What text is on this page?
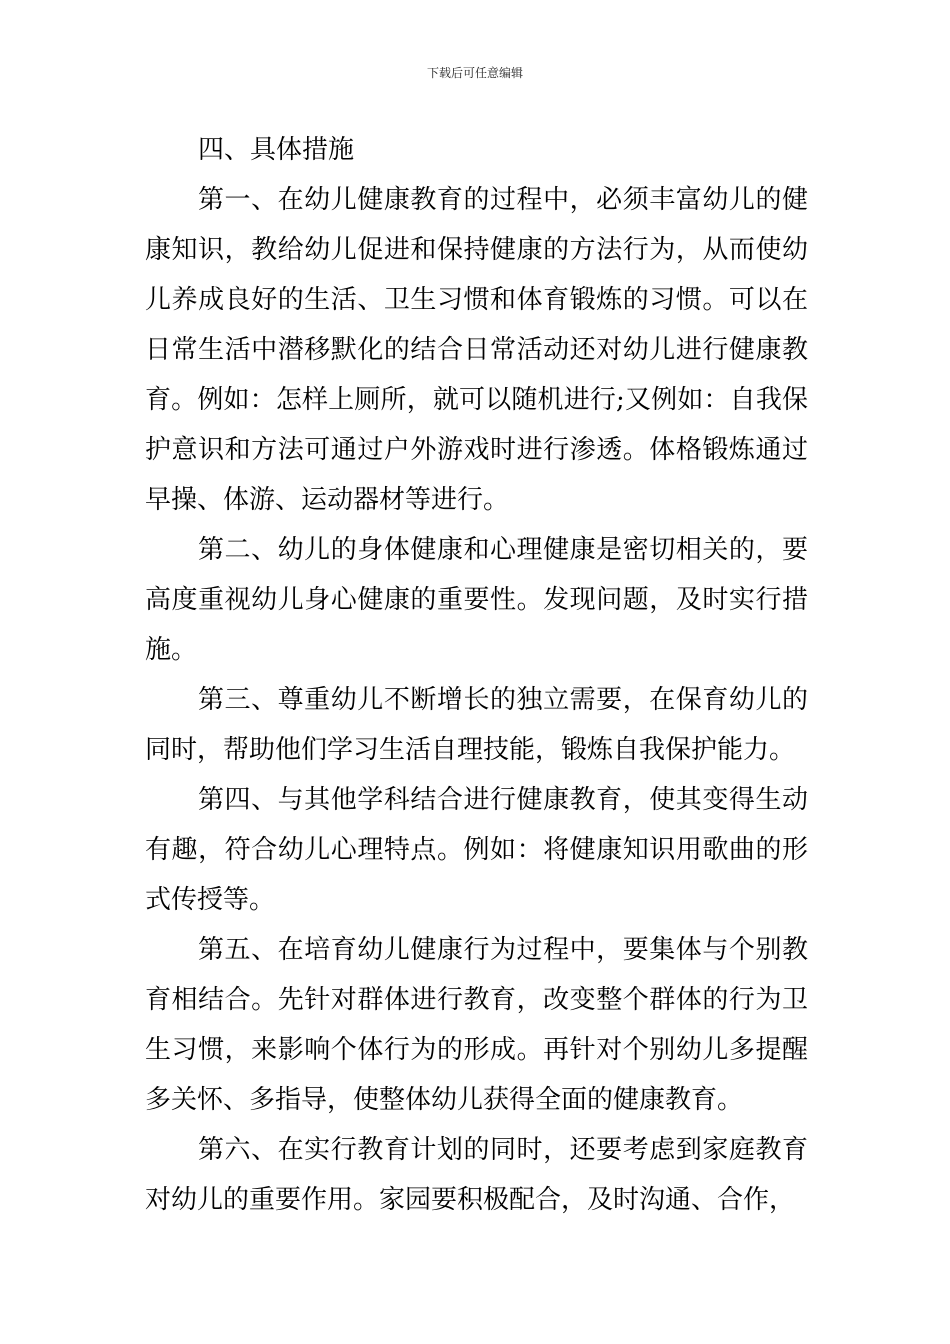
下载后可任意编辑

四、具体措施

第一、在幼儿健康教育的过程中，必须丰富幼儿的健
康知识，教给幼儿促进和保持健康的方法行为，从而使幼
儿养成良好的生活、卫生习惯和体育锻炼的习惯。可以在
日常生活中潜移默化的结合日常活动还对幼儿进行健康教
育。例如：怎样上厕所，就可以随机进行;又例如：自我保
护意识和方法可通过户外游戏时进行渗透。体格锻炼通过
早操、体游、运动器材等进行。
第二、幼儿的身体健康和心理健康是密切相关的，要
高度重视幼儿身心健康的重要性。发现问题，及时实行措
施。
第三、尊重幼儿不断增长的独立需要，在保育幼儿的
同时，帮助他们学习生活自理技能，锻炼自我保护能力。
第四、与其他学科结合进行健康教育，使其变得生动
有趣，符合幼儿心理特点。例如：将健康知识用歌曲的形
式传授等。
第五、在培育幼儿健康行为过程中，要集体与个别教
育相结合。先针对群体进行教育，改变整个群体的行为卫
生习惯，来影响个体行为的形成。再针对个别幼儿多提醒
多关怀、多指导，使整体幼儿获得全面的健康教育。
第六、在实行教育计划的同时，还要考虑到家庭教育
对幼儿的重要作用。家园要积极配合，及时沟通、合作，
